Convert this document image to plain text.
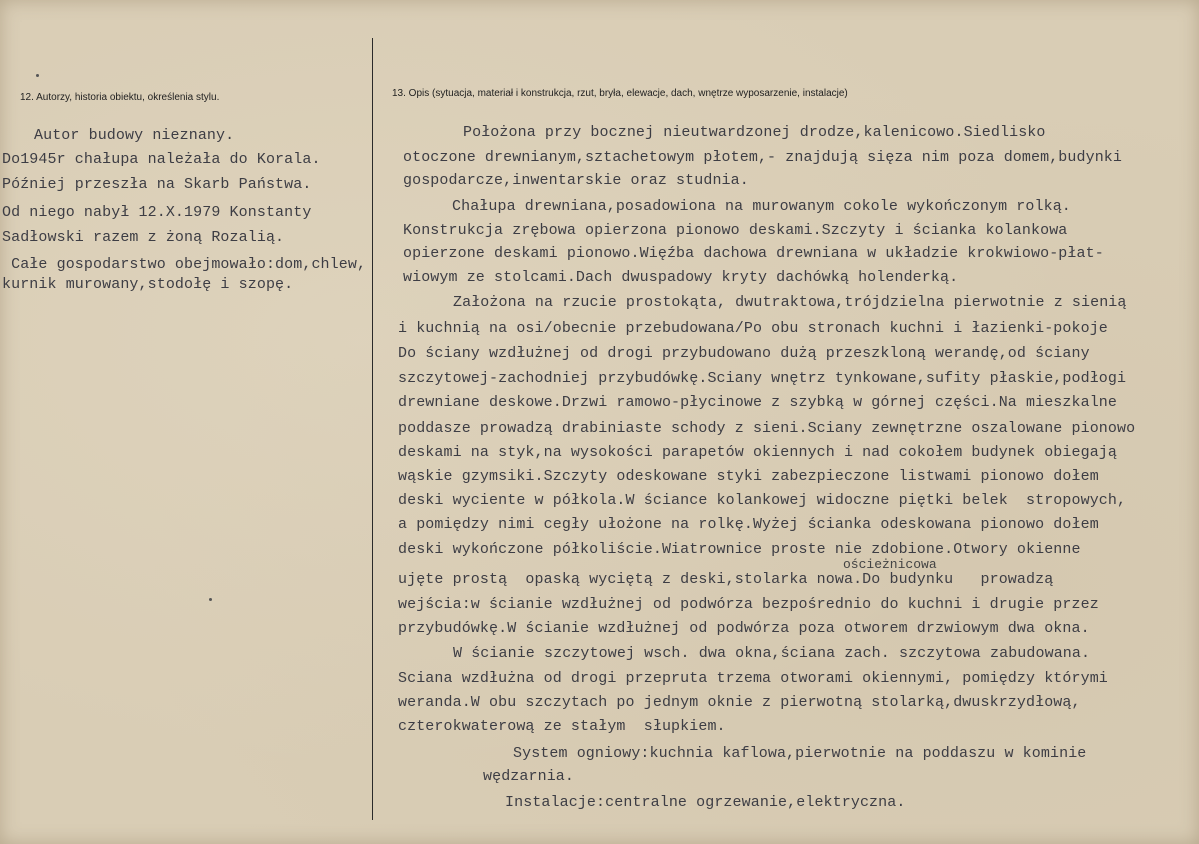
12. Autorzy, historia obiektu, określenia stylu.	13. Opis (sytuacja, materiał i konstrukcja, rzut, bryła, elewacje, dach, wnętrze wyposarzenie, instalacje)
Autor budowy nieznany.
Do1945r chałupa należała do Korala.
Później przeszła na Skarb Państwa.
Od niego nabył 12.X.1979 Konstanty
Sadłowski razem z żoną Rozalią.
Całe gospodarstwo obejmowało:dom,chlew,
kurnik murowany,stodołę i szopę.
Położona przy bocznej nieutwardzonej drodze,kalenicowo.Siedlisko
otoczone drewnianym,sztachetowym płotem,- znajdują sięza nim poza domem,budynki
gospodarcze,inwentarskie oraz studnia.
Chałupa drewniana,posadowiona na murowanym cokole wykończonym rolką.
Konstrukcja zrębowa opierzona pionowo deskami.Szczyty i ścianka kolankowa
opierzone deskami pionowo.Więźba dachowa drewniana w układzie krokwiowo-płat-
wiowym ze stolcami.Dach dwuspadowy kryty dachówką holenderką.
Założona na rzucie prostokąta, dwutraktowa,trójdzielna pierwotnie z sienią
i kuchnią na osi/obecnie przebudowana/Po obu stronach kuchni i łazienki-pokoje
Do ściany wzdłużnej od drogi przybudowano dużą przeszkloną werandę,od ściany
szczytowej-zachodniej przybudówkę.Sciany wnętrz tynkowane,sufity płaskie,podłogi
drewniane deskowe.Drzwi ramowo-płycinowe z szybką w górnej części.Na mieszkalne
poddasze prowadzą drabiniaste schody z sieni.Sciany zewnętrzne oszalowane pionowo
deskami na styk,na wysokości parapetów okiennych i nad cokołem budynek obiegają
wąskie gzymsiki.Szczyty odeskowane styki zabezpieczone listwami pionowo dołem
deski wyciente w półkola.W ściance kolankowej widoczne piętki belek  stropowych,
a pomiędzy nimi cegły ułożone na rolkę.Wyżej ścianka odeskowana pionowo dołem
deski wykończone półkoliście.Wiatrownice proste nie zdobione.Otwory okienne
ościeżnicowa
ujęte prostą  opaską wyciętą z deski,stolarka nowa.Do budynku   prowadzą
wejścia:w ścianie wzdłużnej od podwórza bezpośrednio do kuchni i drugie przez
przybudówkę.W ścianie wzdłużnej od podwórza poza otworem drzwiowym dwa okna.
W ścianie szczytowej wsch. dwa okna,ściana zach. szczytowa zabudowana.
Sciana wzdłużna od drogi przepruta trzema otworami okiennymi, pomiędzy którymi
weranda.W obu szczytach po jednym oknie z pierwotną stolarką,dwuskrzydłową,
czterokwaterową ze stałym  słupkiem.
System ogniowy:kuchnia kaflowa,pierwotnie na poddaszu w kominie
wędzarnia.
Instalacje:centralne ogrzewanie,elektryczna.
